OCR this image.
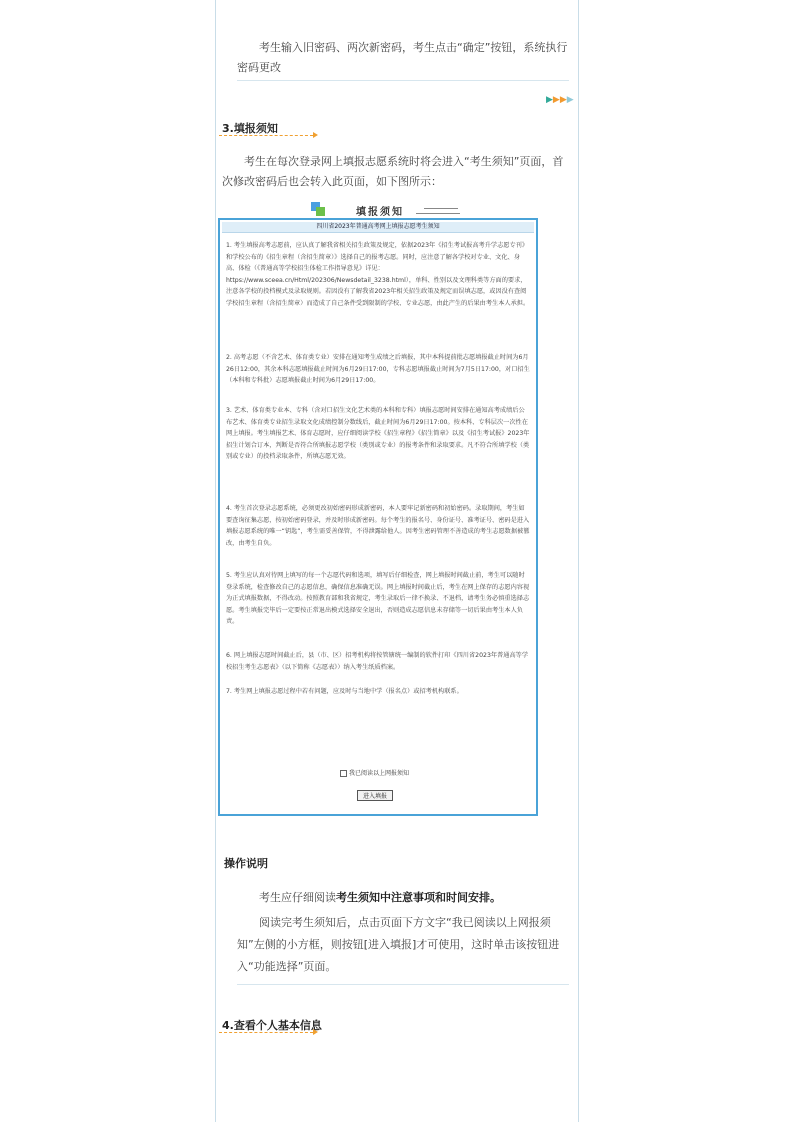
考生输入旧密码、两次新密码，考生点击“确定”按钮，系统执行密码更改
▶▶▶▶
3.填报须知
考生在每次登录网上填报志愿系统时将会进入“考生须知”页面，首次修改密码后也会转入此页面，如下图所示：
填报须知
四川省2023年普通高考网上填报志愿考生须知
1. 考生填报高考志愿前，应认真了解我省相关招生政策及规定，依据2023年《招生考试报高考升学志愿专刊》和学校公布的《招生章程（含招生简章）》选择自己的报考志愿。同时，应注意了解各学校对专业、文化、身高、体检（《普通高等学校招生体检工作指导意见》详见：https://www.sceea.cn/Html/202306/Newsdetail_3238.html），单科、性别以及文理科类等方面的要求，注意各学校的投档模式及录取规则。若因没有了解我省2023年相关招生政策及规定而误填志愿，或因没有查阅学校招生章程（含招生简章）而造成了自己条件受到限制的学校、专业志愿，由此产生的后果由考生本人承担。
2. 高考志愿（不含艺术、体育类专业）安排在通知考生成绩之后填报，其中本科提前批志愿填报截止时间为6月26日12:00，其余本科志愿填报截止时间为6月29日17:00，专科志愿填报截止时间为7月5日17:00，对口招生（本科和专科批）志愿填报截止时间为6月29日17:00。
3. 艺术、体育类专业本、专科（含对口招生文化艺术类的本科和专科）填报志愿时间安排在通知高考成绩后公布艺术、体育类专业招生录取文化成绩控制分数线后，截止时间为6月29日17:00。按本科、专科层次一次性在网上填报。考生填报艺术、体育志愿时，应仔细阅读学校《招生章程》《招生简章》以及《招生考试报》2023年招生计划合订本，判断是否符合所填报志愿学校（类别或专业）的报考条件和录取要求。凡不符合所填学校（类别或专业）的投档录取条件，所填志愿无效。
4. 考生首次登录志愿系统，必须更改初始密码形成新密码，本人要牢记新密码和初始密码。录取期间，考生如要查询征集志愿，按初始密码登录，并及时形成新密码。每个考生的报名号、身份证号、准考证号、密码是进入填报志愿系统的唯一“钥匙”，考生需妥善保管，不得泄露给他人。因考生密码管理不善造成的考生志愿数据被篡改，由考生自负。
5. 考生应认真对待网上填写的每一个志愿代码和选项，填写后仔细检查，网上填报时间截止前，考生可以随时登录系统，检查修改自己的志愿信息，确保信息准确无误。网上填报时间截止后，考生在网上保存的志愿内容视为正式填报数据，不得改动。按照教育部和我省规定，考生录取后一律不换录、不退档，请考生务必慎重选择志愿。考生填报完毕后一定要按正常退出模式选择安全退出，否则造成志愿信息未存储等一切后果由考生本人负责。
6. 网上填报志愿时间截止后，县（市、区）招考机构将按管辖统一编制的软件打印《四川省2023年普通高等学校招生考生志愿表》（以下简称《志愿表》）纳入考生纸质档案。
7. 考生网上填报志愿过程中若有问题，应及时与当地中学（报名点）或招考机构联系。
我已阅读以上网报须知
进入填报
操作说明
考生应仔细阅读考生须知中注意事项和时间安排。
阅读完考生须知后，点击页面下方文字“我已阅读以上网报须知”左侧的小方框，则按钮[进入填报]才可使用，这时单击该按钮进入“功能选择”页面。
4.查看个人基本信息
